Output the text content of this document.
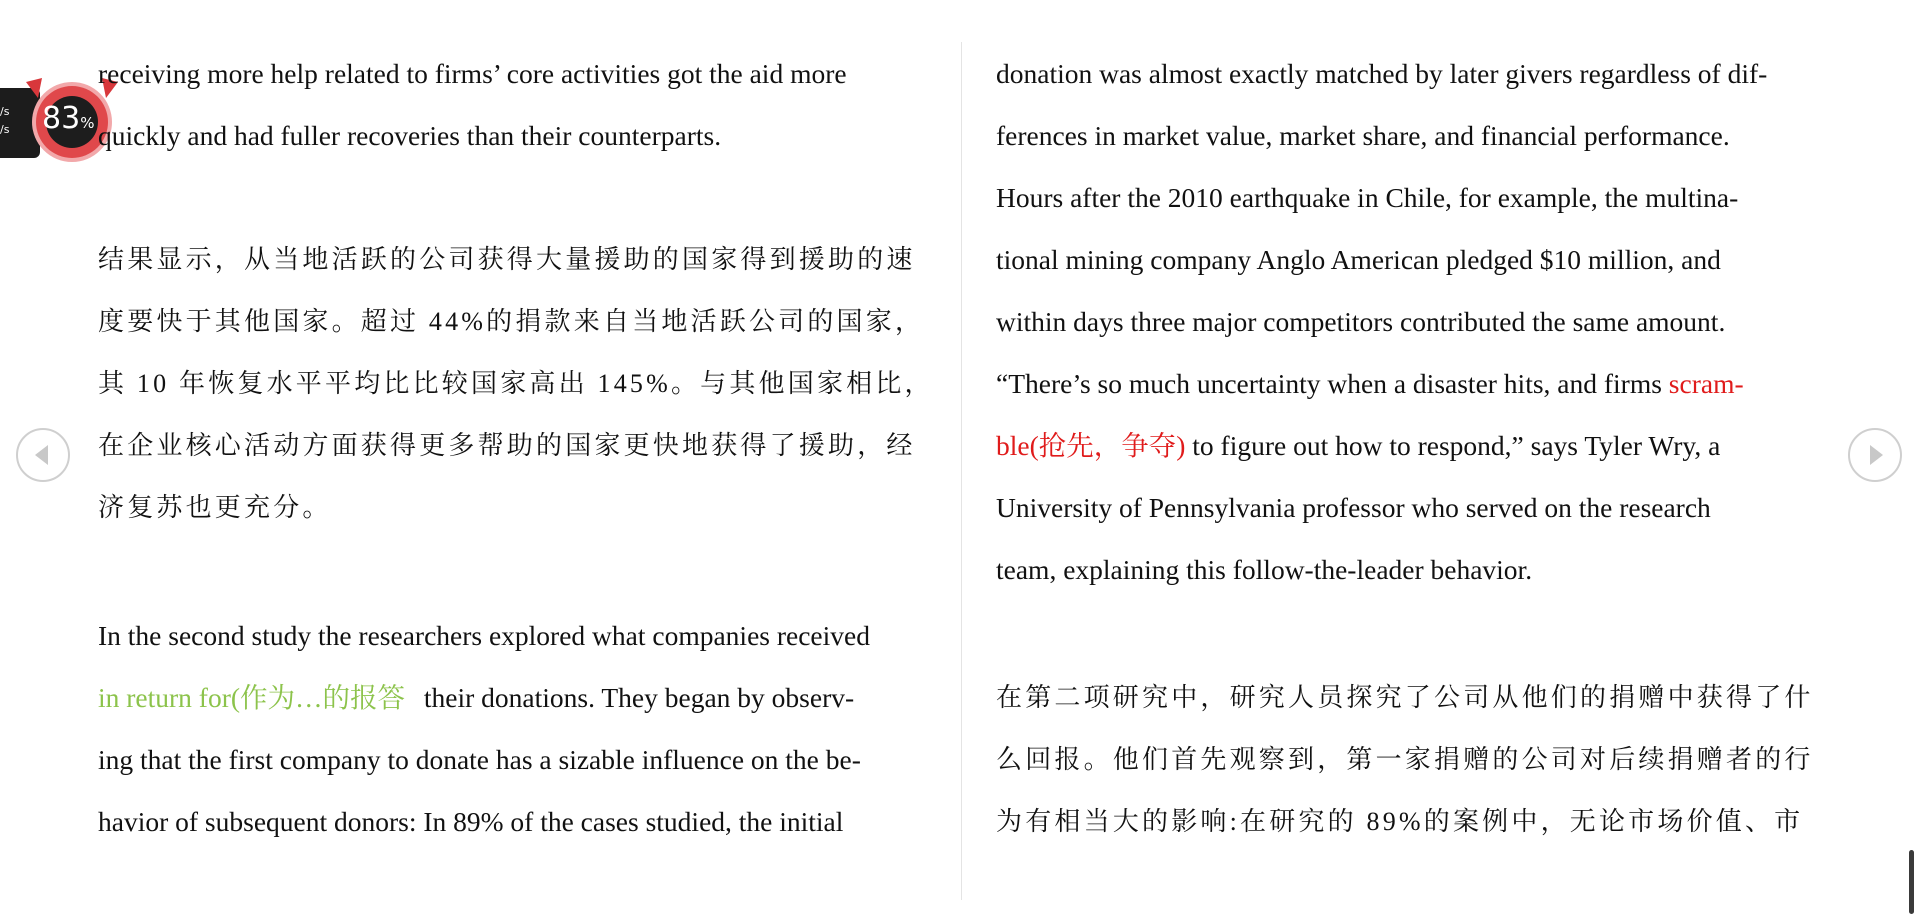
/s
/s 83%
receiving more help related to firms’ core activities got the aid more
quickly and had fuller recoveries than their counterparts.
结果显示，从当地活跃的公司获得大量援助的国家得到援助的速
度要快于其他国家。超过 44%的捐款来自当地活跃公司的国家，
其 10 年恢复水平平均比比较国家高出 145%。与其他国家相比，
在企业核心活动方面获得更多帮助的国家更快地获得了援助，经
济复苏也更充分。
In the second study the researchers explored what companies received
in return for(作为…的报答 their donations. They began by observ-
ing that the first company to donate has a sizable influence on the be-
havior of subsequent donors: In 89% of the cases studied, the initial
donation was almost exactly matched by later givers regardless of dif-
ferences in market value, market share, and financial performance.
Hours after the 2010 earthquake in Chile, for example, the multina-
tional mining company Anglo American pledged $10 million, and
within days three major competitors contributed the same amount.
“There’s so much uncertainty when a disaster hits, and firms scram-
ble(抢先，争夺) to figure out how to respond,” says Tyler Wry, a
University of Pennsylvania professor who served on the research
team, explaining this follow-the-leader behavior.
在第二项研究中，研究人员探究了公司从他们的捐赠中获得了什
么回报。他们首先观察到，第一家捐赠的公司对后续捐赠者的行
为有相当大的影响:在研究的 89%的案例中，无论市场价值、市
